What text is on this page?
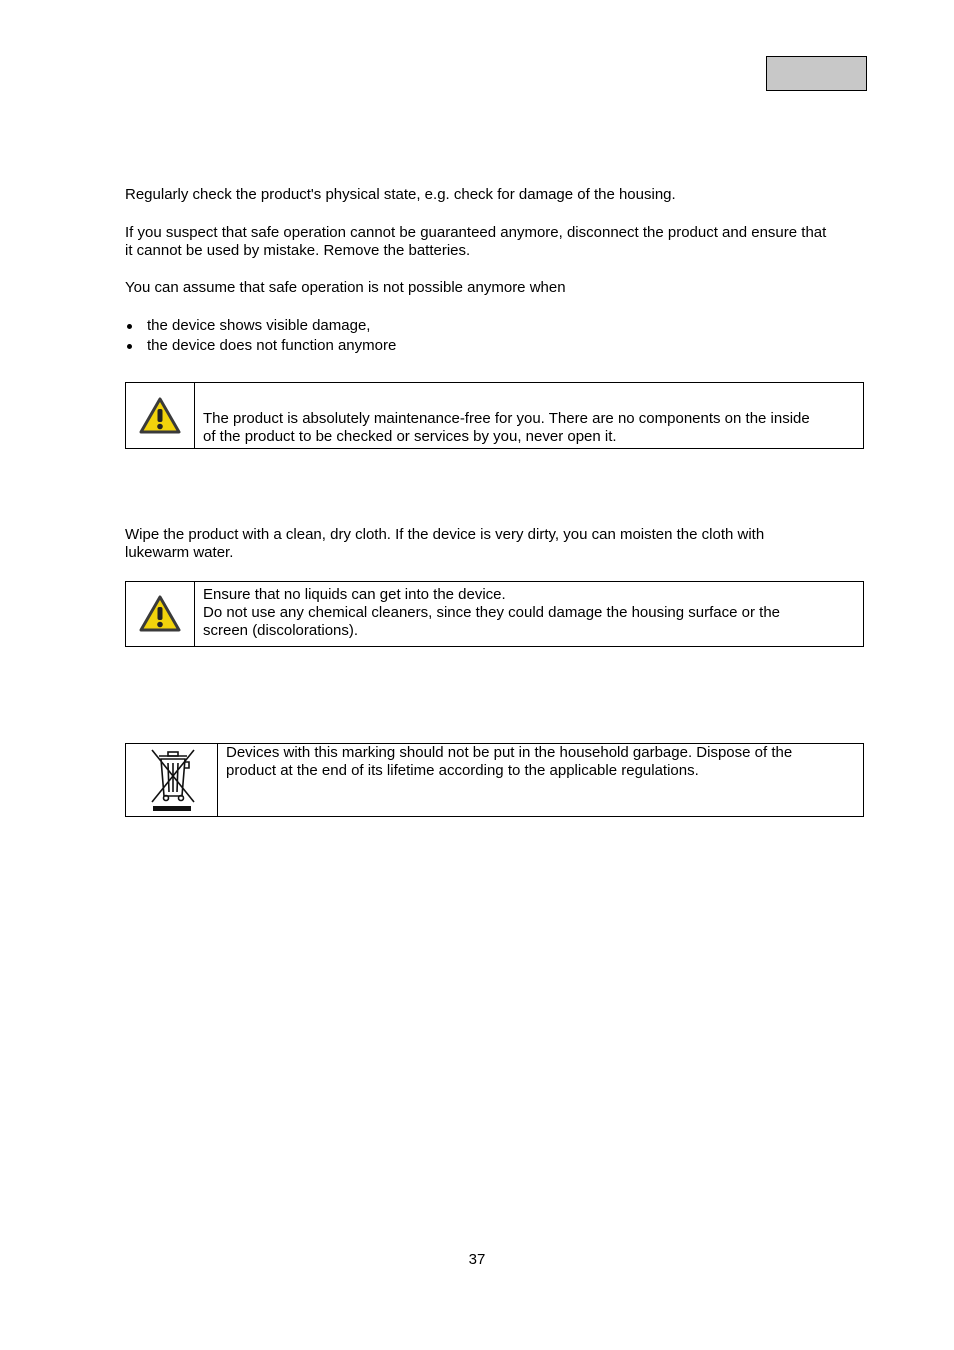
Regularly check the product's physical state, e.g. check for damage of the housing.

If you suspect that safe operation cannot be guaranteed anymore, disconnect the product and ensure that
it cannot be used by mistake. Remove the batteries.

You can assume that safe operation is not possible anymore when

the device shows visible damage,
the device does not function anymore

The product is absolutely maintenance-free for you. There are no components on the inside

of the product to be checked or services by you, never open it.

Wipe the product with a clean, dry cloth. If the device is very dirty, you can moisten the cloth with
lukewarm water.

Ensure that no liquids can get into the device.

Do not use any chemical cleaners, since they could damage the housing surface or the

screen (discolorations).

Devices with this marking should not be put in the household garbage. Dispose of the

product at the end of its lifetime according to the applicable regulations.

37
